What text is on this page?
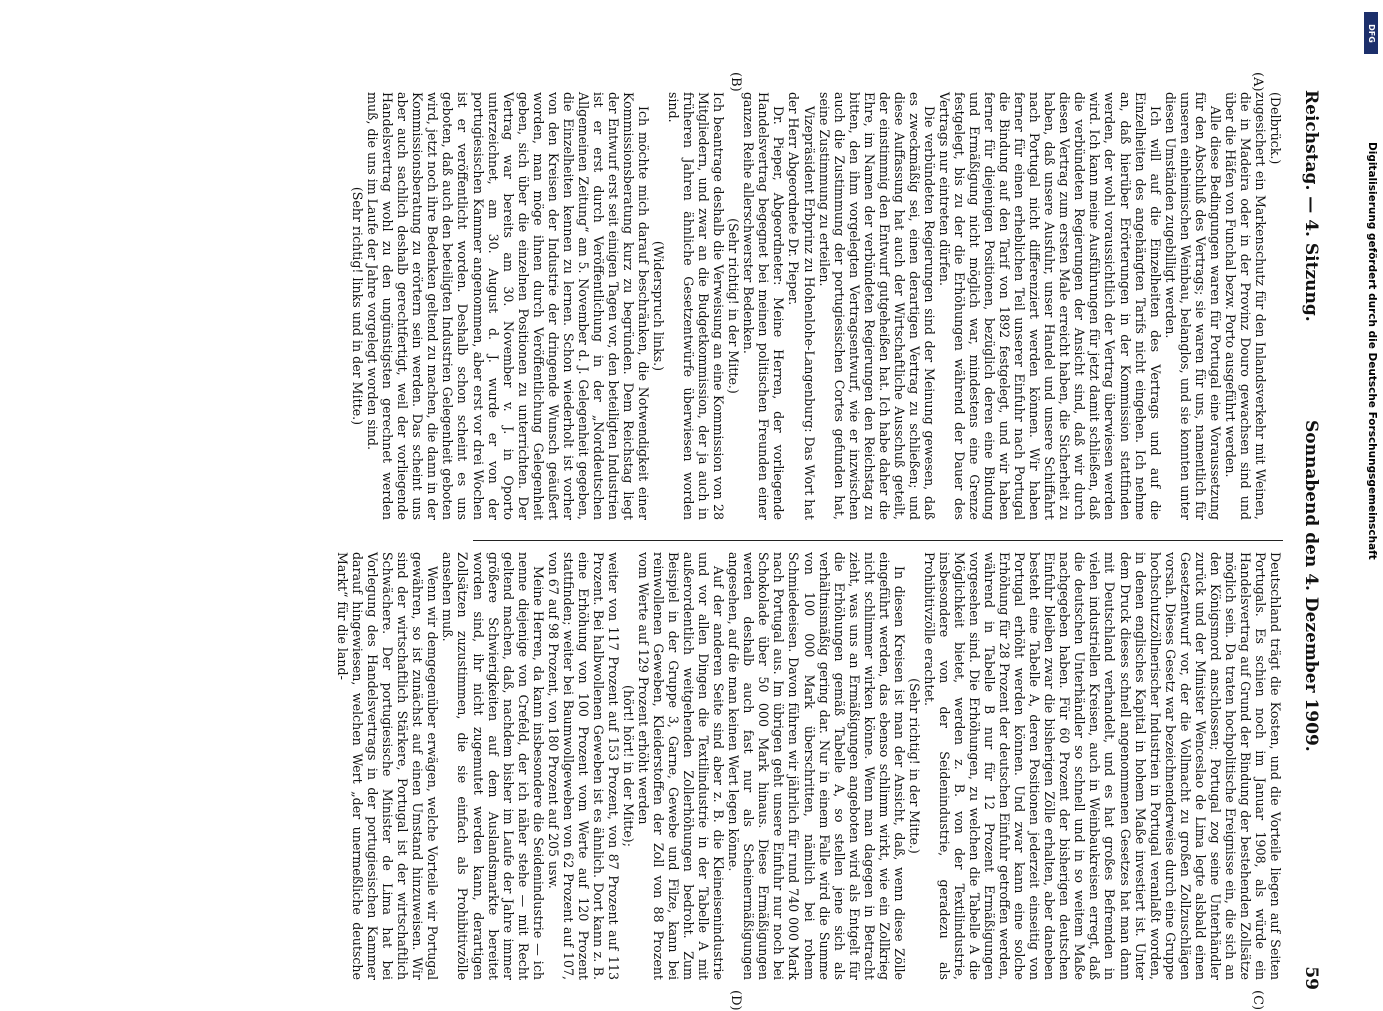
Reichstag. — 4. Sitzung.
Sonnabend den 4. Dezember 1909.
59
(A)
(B)
(C)
(D)

(Delbrück.)

zugesichert ein Markenschutz für den Inlandsverkehr mit Weinen, die in Madeira oder in der Provinz Douro gewachsen sind und über die Häfen von Funchal bezw. Porto ausgeführt werden.

Alle diese Bedingungen waren für Portugal eine Voraussetzung für den Abschluß des Vertrags; sie waren für uns, namentlich für unseren einheimischen Weinbau, belanglos, und sie konnten unter diesen Umständen zugebilligt werden.

Ich will auf die Einzelheiten des Vertrags und auf die Einzelheiten des angehängten Tarifs nicht eingehen. Ich nehme an, daß hierüber Erörterungen in der Kommission stattfinden werden, der wohl voraussichtlich der Vertrag überwiesen werden wird. Ich kann meine Ausführungen für jetzt damit schließen, daß die verbündeten Regierungen der Ansicht sind, daß wir durch diesen Vertrag zum ersten Male erreicht haben, die Sicherheit zu haben, daß unsere Ausfuhr, unser Handel und unsere Schiffahrt nach Portugal nicht differenziert werden können. Wir haben ferner für einen erheblichen Teil unserer Einfuhr nach Portugal die Bindung auf den Tarif von 1892 festgelegt, und wir haben ferner für diejenigen Positionen, bezüglich deren eine Bindung und Ermäßigung nicht möglich war, mindestens eine Grenze festgelegt, bis zu der die Erhöhungen während der Dauer des Vertrags nur eintreten dürfen.

Die verbündeten Regierungen sind der Meinung gewesen, daß es zweckmäßig sei, einen derartigen Vertrag zu schließen; und diese Auffassung hat auch der Wirtschaftliche Ausschuß geteilt, der einstimmig den Entwurf gutgeheißen hat. Ich habe daher die Ehre, im Namen der verbündeten Regierungen den Reichstag zu bitten, den ihm vorgelegten Vertragsentwurf, wie er inzwischen auch die Zustimmung der portugiesischen Cortes gefunden hat, seine Zustimmung zu erteilen.

Vizepräsident Erbprinz zu Hohenlohe-Langenburg: Das Wort hat der Herr Abgeordnete Dr. Pieper.

Dr. Pieper, Abgeordneter: Meine Herren, der vorliegende Handelsvertrag begegnet bei meinen politischen Freunden einer ganzen Reihe allerschwerster Bedenken.

(Sehr richtig! in der Mitte.)

Ich beantrage deshalb die Verweisung an eine Kommission von 28 Mitgliedern, und zwar an die Budgetkommission, der ja auch in früheren Jahren ähnliche Gesetzentwürfe überwiesen worden sind.

(Widerspruch links.)

Ich möchte mich darauf beschränken, die Notwendigkeit einer Kommissionsberatung kurz zu begründen. Dem Reichstag liegt der Entwurf erst seit einigen Tagen vor, den beteiligten Industrien ist er erst durch Veröffentlichung in der „Norddeutschen Allgemeinen Zeitung“ am 5. November d. J. Gelegenheit gegeben, die Einzelheiten kennen zu lernen. Schon wiederholt ist vorher von den Kreisen der Industrie der dringende Wunsch geäußert worden, man möge ihnen durch Veröffentlichung Gelegenheit geben, sich über die einzelnen Positionen zu unterrichten. Der Vertrag war bereits am 30. November v. J. in Oporto unterzeichnet, am 30. August d. J. wurde er von der portugiesischen Kammer angenommen, aber erst vor drei Wochen ist er veröffentlicht worden. Deshalb schon scheint es uns geboten, daß auch den beteiligten Industrien Gelegenheit geboten wird, jetzt noch ihre Bedenken geltend zu machen, die dann in der Kommissionsberatung zu erörtern sein werden. Das scheint uns aber auch sachlich deshalb gerechtfertigt, weil der vorliegende Handelsvertrag wohl zu den ungünstigsten gerechnet werden muß, die uns im Laufe der Jahre vorgelegt worden sind.

(Sehr richtig! links und in der Mitte.)

Deutschland trägt die Kosten, und die Vorteile liegen auf Seiten Portugals. Es schien noch im Januar 1908, als würde ein Handelsvertrag auf Grund der Bindung der bestehenden Zollsätze möglich sein. Da traten hochpolitische Ereignisse ein, die sich an den Königsmord anschlossen; Portugal zog seine Unterhändler zurück und der Minister Wenceslao de Lima legte alsbald einen Gesetzentwurf vor, der die Vollmacht zu großen Zollzuschlägen vorsah. Dieses Gesetz war bezeichnenderweise durch eine Gruppe hochschutzzöllnerischer Industrien in Portugal veranlaßt worden, in denen englisches Kapital in hohem Maße investiert ist. Unter dem Druck dieses schnell angenommenen Gesetzes hat man dann mit Deutschland verhandelt, und es hat großes Befremden in vielen industriellen Kreisen, auch in Weinbaukreisen erregt, daß die deutschen Unterhändler so schnell und in so weitem Maße nachgegeben haben. Für 60 Prozent der bisherigen deutschen Einfuhr bleiben zwar die bisherigen Zölle erhalten, aber daneben besteht eine Tabelle A, deren Positionen jederzeit einseitig von Portugal erhöht werden können. Und zwar kann eine solche Erhöhung für 28 Prozent der deutschen Einfuhr getroffen werden, während in Tabelle B nur für 12 Prozent Ermäßigungen vorgesehen sind. Die Erhöhungen, zu welchen die Tabelle A die Möglichkeit bietet, werden z. B. von der Textilindustrie, insbesondere von der Seidenindustrie, geradezu als Prohibitivzölle erachtet.

(Sehr richtig! in der Mitte.)

In diesen Kreisen ist man der Ansicht, daß, wenn diese Zölle eingeführt werden, das ebenso schlimm wirkt, wie ein Zollkrieg nicht schlimmer wirken könne. Wenn man dagegen in Betracht zieht, was uns an Ermäßigungen angeboten wird als Entgelt für die Erhöhungen gemäß Tabelle A, so stellen jene sich als verhältnismäßig gering dar. Nur in einem Falle wird die Summe von 100 000 Mark überschritten, nämlich bei rohem Schmiedeeisen. Davon führen wir jährlich für rund 740 000 Mark nach Portugal aus. Im übrigen geht unsere Einfuhr nur noch bei Schokolade über 50 000 Mark hinaus. Diese Ermäßigungen werden deshalb auch fast nur als Scheinermäßigungen angesehen, auf die man keinen Wert legen könne.

Auf der anderen Seite sind aber z. B. die Kleineisenindustrie und vor allen Dingen die Textilindustrie in der Tabelle A mit außerordentlich weitgehenden Zollerhöhungen bedroht. Zum Beispiel in der Gruppe 3, Garne, Gewebe und Filze, kann bei reinwollenen Geweben, Kleiderstoffen der Zoll von 88 Prozent vom Werte auf 129 Prozent erhöht werden

(hört! hört! in der Mitte);

weiter von 117 Prozent auf 153 Prozent, von 87 Prozent auf 113 Prozent. Bei halbwollenen Geweben ist es ähnlich. Dort kann z. B. eine Erhöhung von 100 Prozent vom Werte auf 120 Prozent stattfinden; weiter bei Baumwollgeweben von 62 Prozent auf 107, von 67 auf 98 Prozent, von 180 Prozent auf 205 usw.

Meine Herren, da kann insbesondere die Seidenindustrie — ich nenne diejenige von Crefeld, der ich näher stehe — mit Recht geltend machen, daß, nachdem bisher im Laufe der Jahre immer größere Schwierigkeiten auf dem Auslandsmarkte bereitet worden sind, ihr nicht zugemutet werden kann, derartigen Zollsätzen zuzustimmen, die sie einfach als Prohibitivzölle ansehen muß.

Wenn wir demgegenüber erwägen, welche Vorteile wir Portugal gewähren, so ist zunächst auf einen Umstand hinzuweisen. Wir sind der wirtschaftlich Stärkere, Portugal ist der wirtschaftlich Schwächere. Der portugiesische Minister de Lima hat bei Vorlegung des Handelsvertrags in der portugiesischen Kammer darauf hingewiesen, welchen Wert „der unermeßliche deutsche Markt“ für die land-

DFG
Digitalisierung gefördert durch die Deutsche Forschungsgemeinschaft
